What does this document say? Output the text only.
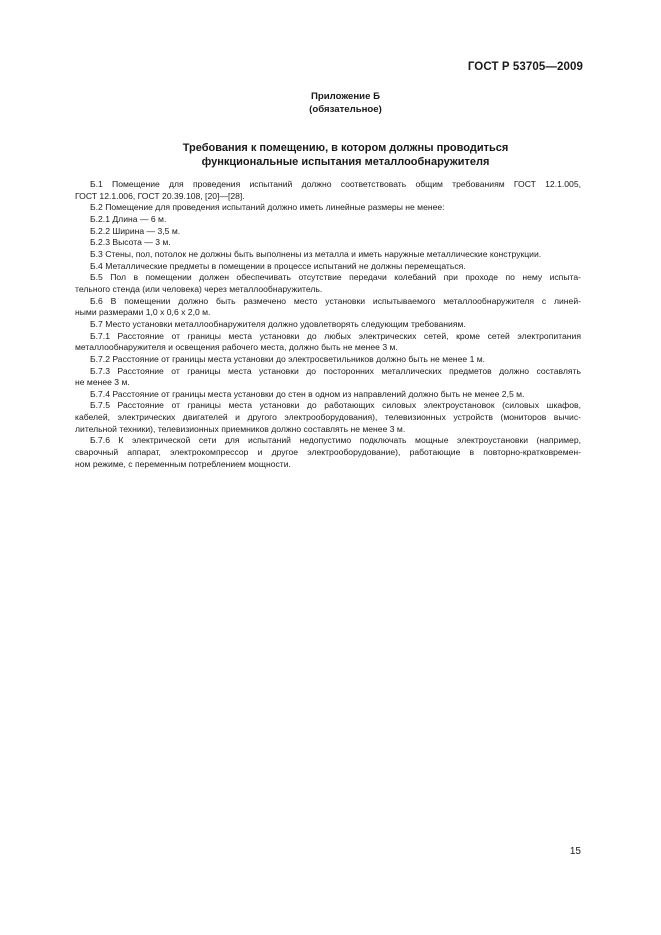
ГОСТ Р 53705—2009
Приложение Б
(обязательное)
Требования к помещению, в котором должны проводиться
функциональные испытания металлообнаружителя
Б.1 Помещение для проведения испытаний должно соответствовать общим требованиям ГОСТ 12.1.005,
ГОСТ 12.1.006, ГОСТ 20.39.108, [20]—[28].
Б.2 Помещение для проведения испытаний должно иметь линейные размеры не менее:
Б.2.1 Длина — 6 м.
Б.2.2 Ширина — 3,5 м.
Б.2.3 Высота — 3 м.
Б.3 Стены, пол, потолок не должны быть выполнены из металла и иметь наружные металлические конструкции.
Б.4 Металлические предметы в помещении в процессе испытаний не должны перемещаться.
Б.5 Пол в помещении должен обеспечивать отсутствие передачи колебаний при проходе по нему испыта-
тельного стенда (или человека) через металлообнаружитель.
Б.6 В помещении должно быть размечено место установки испытываемого металлообнаружителя с линей-
ными размерами 1,0 х 0,6 х 2,0 м.
Б.7 Место установки металлообнаружителя должно удовлетворять следующим требованиям.
Б.7.1 Расстояние от границы места установки до любых электрических сетей, кроме сетей электропитания
металлообнаружителя и освещения рабочего места, должно быть не менее 3 м.
Б.7.2 Расстояние от границы места установки до электросветильников должно быть не менее 1 м.
Б.7.3 Расстояние от границы места установки до посторонних металлических предметов должно составлять
не менее 3 м.
Б.7.4 Расстояние от границы места установки до стен в одном из направлений должно быть не менее 2,5 м.
Б.7.5 Расстояние от границы места установки до работающих силовых электроустановок (силовых шкафов,
кабелей, электрических двигателей и другого электрооборудования), телевизионных устройств (мониторов вычис-
лительной техники), телевизионных приемников должно составлять не менее 3 м.
Б.7.6 К электрической сети для испытаний недопустимо подключать мощные электроустановки (например,
сварочный аппарат, электрокомпрессор и другое электрооборудование), работающие в повторно-кратковремен-
ном режиме, с переменным потреблением мощности.
15
